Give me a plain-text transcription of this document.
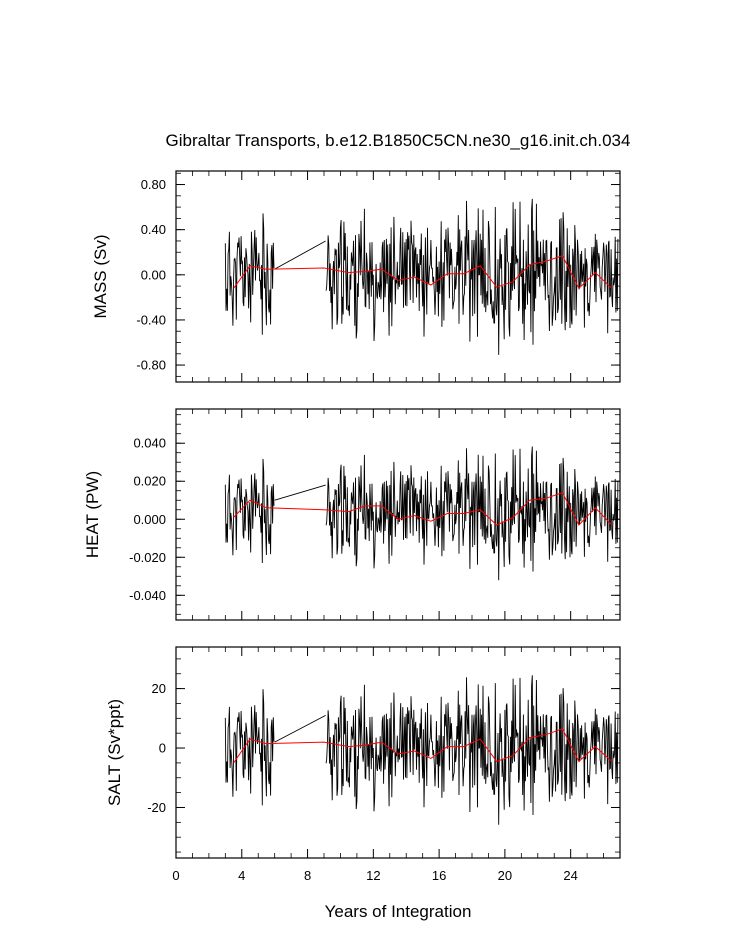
Gibraltar Transports, b.e12.B1850C5CN.ne30_g16.init.ch.034
0.80
0.40
0.00
-0.40
-0.80
MASS (Sv)
0.040
0.020
0.000
-0.020
-0.040
HEAT (PW)
20
0
-20
0	4	8	12	16	20	24
SALT (Sv*ppt)
Years of Integration
